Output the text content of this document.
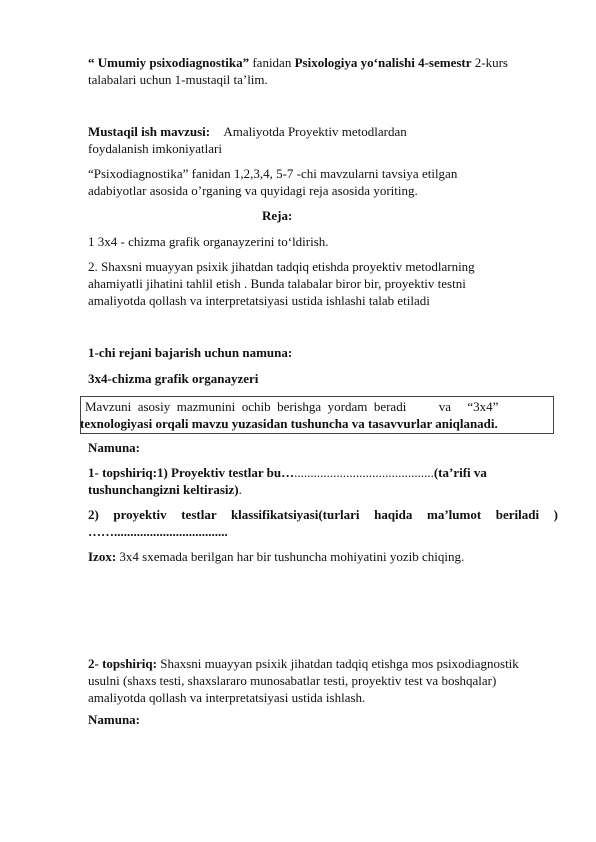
“ Umumiy psixodiagnostika” fanidan Psixologiya yo‘nalishi 4-semestr 2-kurs
talabalari uchun 1-mustaqil ta’lim.
Mustaqil ish mavzusi: Amaliyotda Proyektiv metodlardan
foydalanish imkoniyatlari
“Psixodiagnostika” fanidan 1,2,3,4, 5-7 -chi mavzularni tavsiya etilgan
adabiyotlar asosida o’rganing va quyidagi reja asosida yoriting.
Reja:
1 3x4 - chizma grafik organayzerini to‘ldirish.
2. Shaxsni muayyan psixik jihatdan tadqiq etishda proyektiv metodlarning
ahamiyatli jihatini tahlil etish . Bunda talabalar biror bir, proyektiv testni
amaliyotda qollash va interpretatsiyasi ustida ishlashi talab etiladi
1-chi rejani bajarish uchun namuna:
3x4-chizma grafik organayzeri
Mavzuni  asosiy  mazmunini  ochib  berishga  yordam  beradi          va     “3x4”
texnologiyasi orqali mavzu yuzasidan tushuncha va tasavvurlar aniqlanadi.
Namuna:
1- topshiriq:1) Proyektiv testlar bu…...........................................(ta’rifi va
tushunchangizni keltirasiz).
2) proyektiv testlar klassifikatsiyasi(turlari haqida ma’lumot beriladi )
……...................................
Izox: 3x4 sxemada berilgan har bir tushuncha mohiyatini yozib chiqing.
2- topshiriq: Shaxsni muayyan psixik jihatdan tadqiq etishga mos psixodiagnostik
usulni (shaxs testi, shaxslararo munosabatlar testi, proyektiv test va boshqalar)
amaliyotda qollash va interpretatsiyasi ustida ishlash.
Namuna:
